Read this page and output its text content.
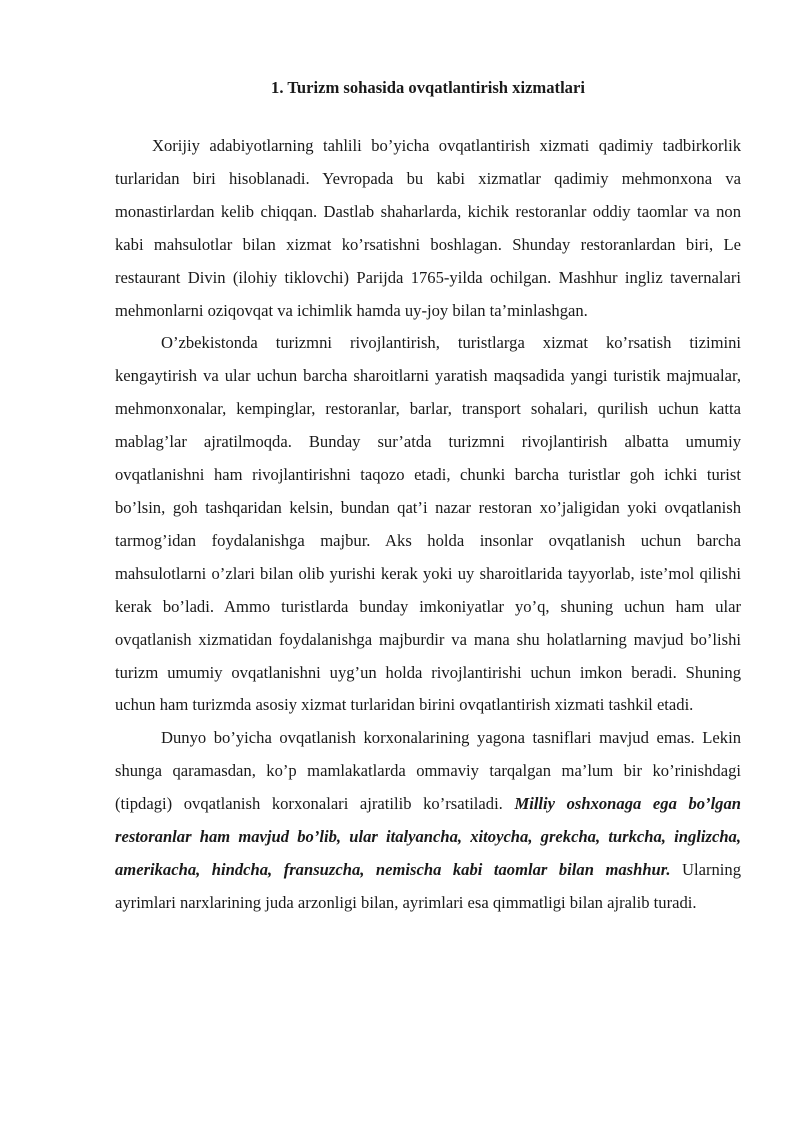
1. Turizm sohasida ovqatlantirish xizmatlari

Xorijiy adabiyotlarning tahlili bo’yicha ovqatlantirish xizmati qadimiy tadbirkorlik turlaridan biri hisoblanadi. Yevropada bu kabi xizmatlar qadimiy mehmonxona va monastirlardan kelib chiqqan. Dastlab shaharlarda, kichik restoranlar oddiy taomlar va non kabi mahsulotlar bilan xizmat ko’rsatishni boshlagan. Shunday restoranlardan biri, Le restaurant Divin (ilohiy tiklovchi) Parijda 1765-yilda ochilgan. Mashhur ingliz tavernalari mehmonlarni oziqovqat va ichimlik hamda uy-joy bilan ta’minlashgan.

O’zbekistonda turizmni rivojlantirish, turistlarga xizmat ko’rsatish tizimini kengaytirish va ular uchun barcha sharoitlarni yaratish maqsadida yangi turistik majmualar, mehmonxonalar, kempinglar, restoranlar, barlar, transport sohalari, qurilish uchun katta mablag’lar ajratilmoqda. Bunday sur’atda turizmni rivojlantirish albatta umumiy ovqatlanishni ham rivojlantirishni taqozo etadi, chunki barcha turistlar goh ichki turist bo’lsin, goh tashqaridan kelsin, bundan qat’i nazar restoran xo’jaligidan yoki ovqatlanish tarmog’idan foydalanishga majbur. Aks holda insonlar ovqatlanish uchun barcha mahsulotlarni o’zlari bilan olib yurishi kerak yoki uy sharoitlarida tayyorlab, iste’mol qilishi kerak bo’ladi. Ammo turistlarda bunday imkoniyatlar yo’q, shuning uchun ham ular ovqatlanish xizmatidan foydalanishga majburdir va mana shu holatlarning mavjud bo’lishi turizm umumiy ovqatlanishni uyg’un holda rivojlantirishi uchun imkon beradi. Shuning uchun ham turizmda asosiy xizmat turlaridan birini ovqatlantirish xizmati tashkil etadi.

Dunyo bo’yicha ovqatlanish korxonalarining yagona tasniflari mavjud emas. Lekin shunga qaramasdan, ko’p mamlakatlarda ommaviy tarqalgan ma’lum bir ko’rinishdagi (tipdagi) ovqatlanish korxonalari ajratilib ko’rsatiladi. Milliy oshxonaga ega bo’lgan restoranlar ham mavjud bo’lib, ular italyancha, xitoycha, grekcha, turkcha, inglizcha, amerikacha, hindcha, fransuzcha, nemischa kabi taomlar bilan mashhur. Ularning ayrimlari narxlarining juda arzonligi bilan, ayrimlari esa qimmatligi bilan ajralib turadi.
